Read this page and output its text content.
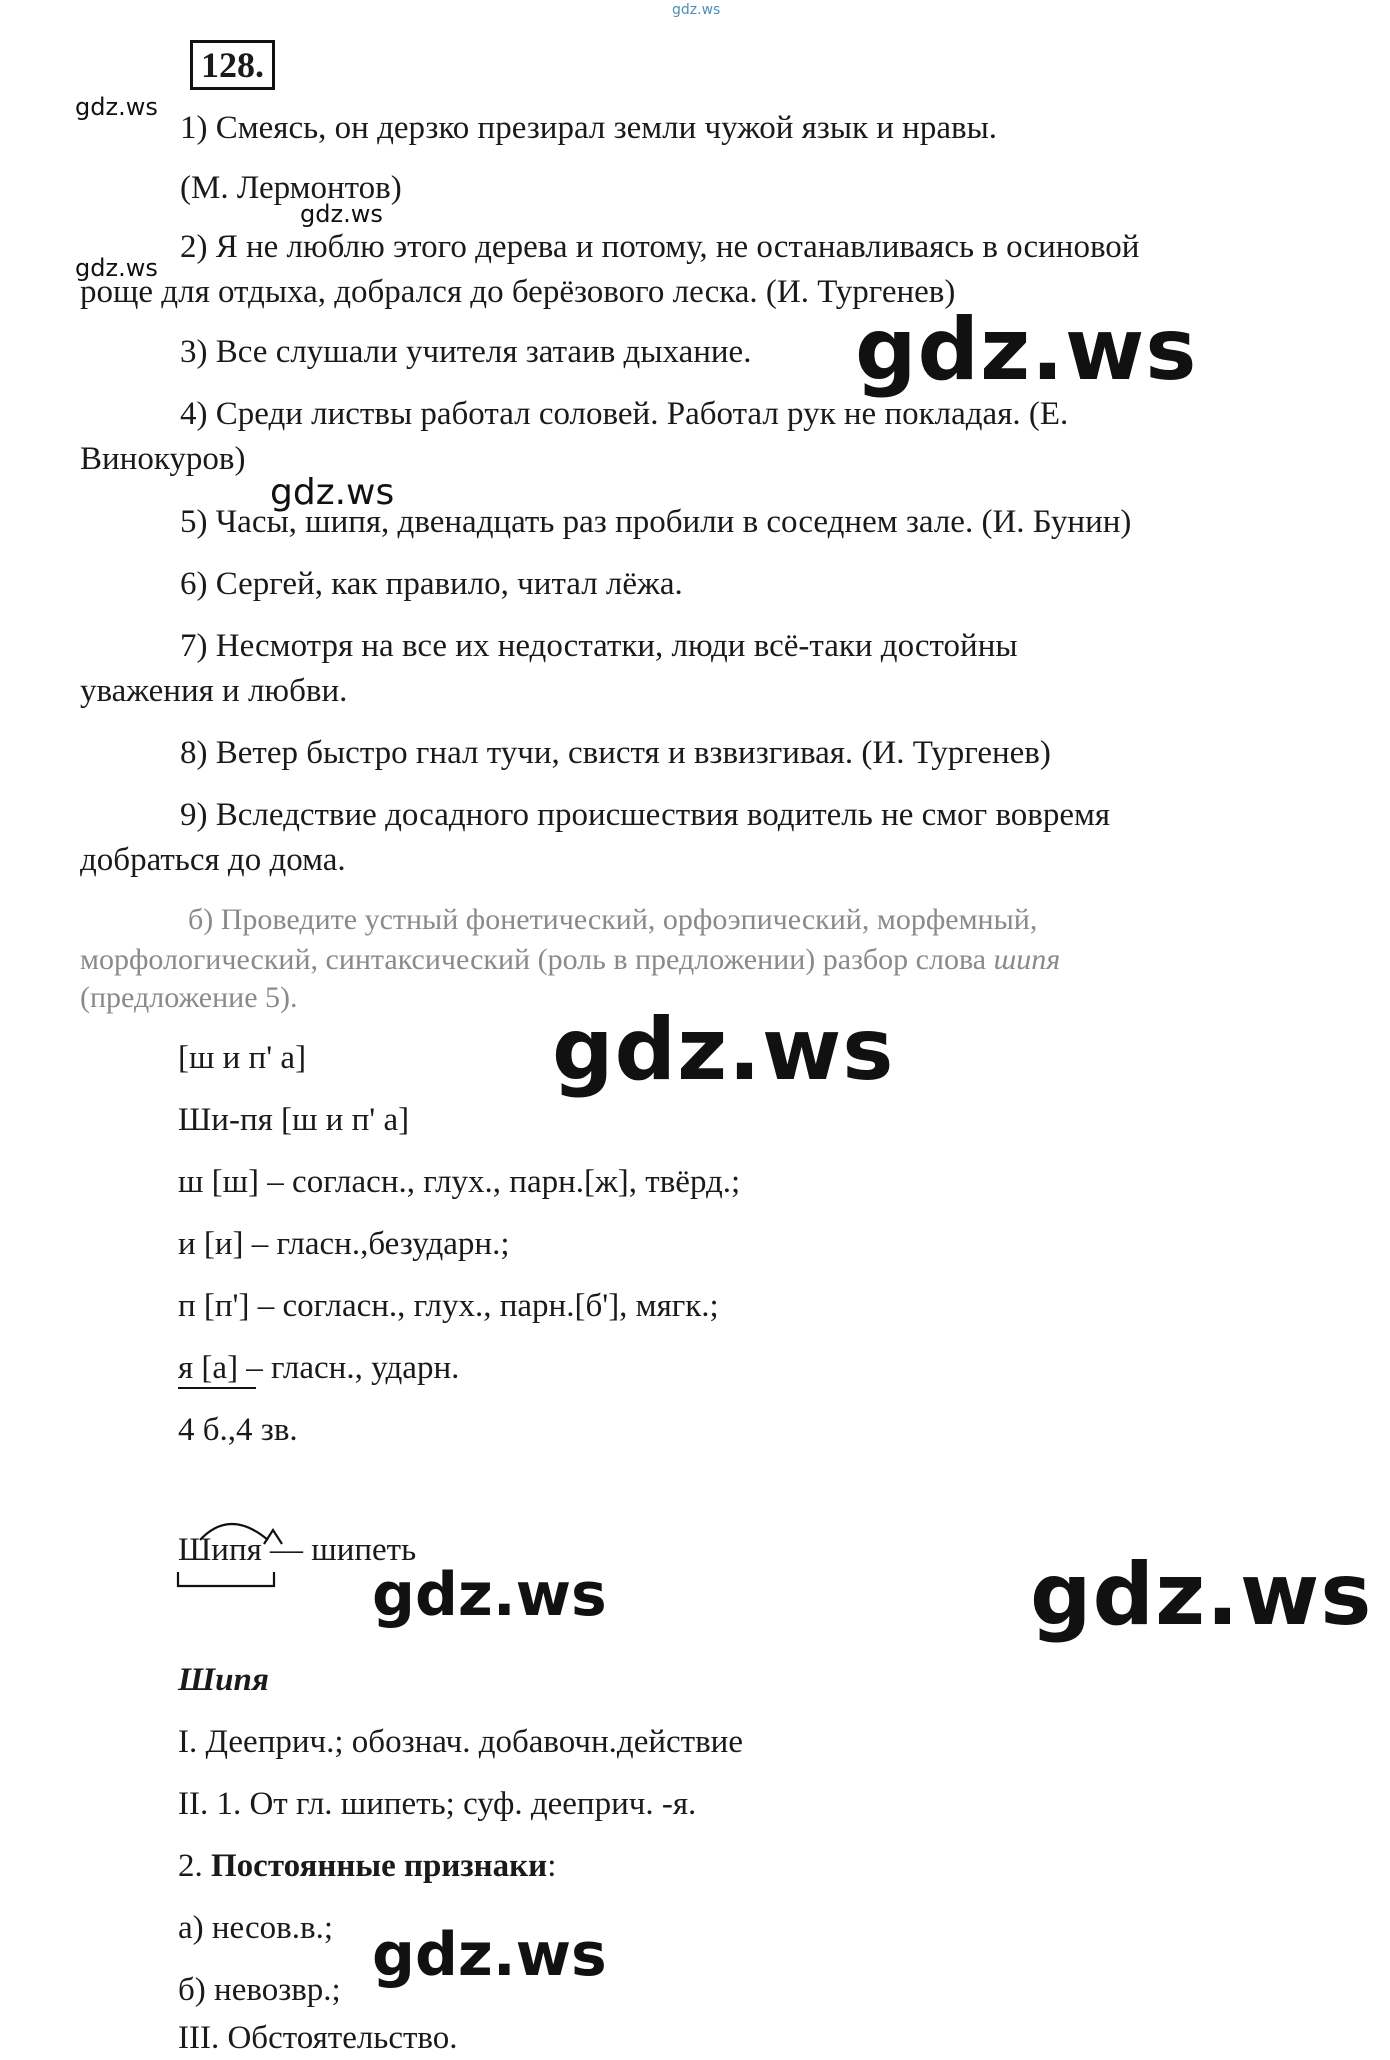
gdz.ws
128.
gdz.ws
1) Смеясь, он дерзко презирал земли чужой язык и нравы.
(М. Лермонтов)
gdz.ws
gdz.ws
2) Я не люблю этого дерева и потому, не останавливаясь в осиновой
роще для отдыха, добрался до берёзового леска. (И. Тургенев)
3) Все слушали учителя затаив дыхание. gdz.ws
4) Среди листвы работал соловей. Работал рук не покладая. (Е.
Винокуров)
gdz.ws
5) Часы, шипя, двенадцать раз пробили в соседнем зале. (И. Бунин)
6) Сергей, как правило, читал лёжа.
7) Несмотря на все их недостатки, люди всё-таки достойны
уважения и любви.
8) Ветер быстро гнал тучи, свистя и взвизгивая. (И. Тургенев)
9) Вследствие досадного происшествия водитель не смог вовремя
добраться до дома.
б) Проведите устный фонетический, орфоэпический, морфемный,
морфологический, синтаксический (роль в предложении) разбор слова шипя
(предложение 5).
gdz.ws
[ш и п' а]
Ши-пя [ш и п' а]
ш [ш] – согласн., глух., парн.[ж], твёрд.;
и [и] – гласн.,безударн.;
п [п'] – согласн., глух., парн.[б'], мягк.;
я [а] – гласн., ударн.
4 б.,4 зв.
Шипя — шипеть
gdz.ws	gdz.ws
Шипя
I. Дееприч.; обознач. добавочн.действие
II. 1. От гл. шипеть; суф. дееприч. -я.
2. Постоянные признаки:
а) несов.в.;
б) невозвр.; gdz.ws
III. Обстоятельство.
